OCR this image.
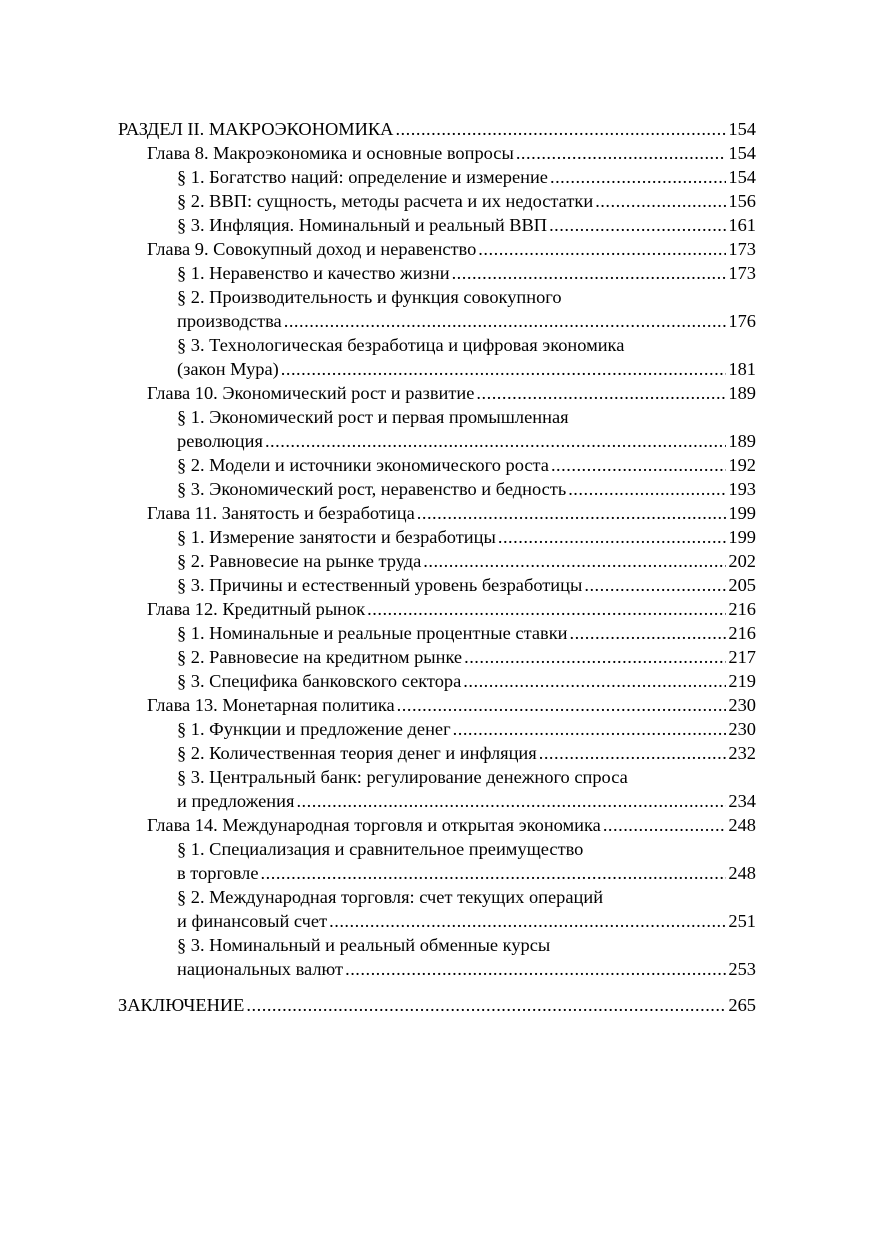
РАЗДЕЛ II. МАКРОЭКОНОМИКА .....	154
Глава 8. Макроэкономика и основные вопросы .....	154
§ 1. Богатство наций: определение и измерение .....	154
§ 2. ВВП: сущность, методы расчета и их недостатки .....	156
§ 3. Инфляция. Номинальный и реальный ВВП .....	161
Глава 9. Совокупный доход и неравенство .....	173
§ 1. Неравенство и качество жизни .....	173
§ 2. Производительность и функция совокупного
производства .....	176
§ 3. Технологическая безработица и цифровая экономика
(закон Мура) .....	181
Глава 10. Экономический рост и развитие .....	189
§ 1. Экономический рост и первая промышленная
революция .....	189
§ 2. Модели и источники экономического роста .....	192
§ 3. Экономический рост, неравенство и бедность .....	193
Глава 11. Занятость и безработица .....	199
§ 1. Измерение занятости и безработицы .....	199
§ 2. Равновесие на рынке труда .....	202
§ 3. Причины и естественный уровень безработицы .....	205
Глава 12. Кредитный рынок .....	216
§ 1. Номинальные и реальные процентные ставки .....	216
§ 2. Равновесие на кредитном рынке .....	217
§ 3. Специфика банковского сектора .....	219
Глава 13. Монетарная политика .....	230
§ 1. Функции и предложение денег .....	230
§ 2. Количественная теория денег и инфляция .....	232
§ 3. Центральный банк: регулирование денежного спроса
и предложения .....	234
Глава 14. Международная торговля и открытая экономика .....	248
§ 1. Специализация и сравнительное преимущество
в торговле .....	248
§ 2. Международная торговля: счет текущих операций
и финансовый счет .....	251
§ 3. Номинальный и реальный обменные курсы
национальных валют .....	253
ЗАКЛЮЧЕНИЕ .....	265
